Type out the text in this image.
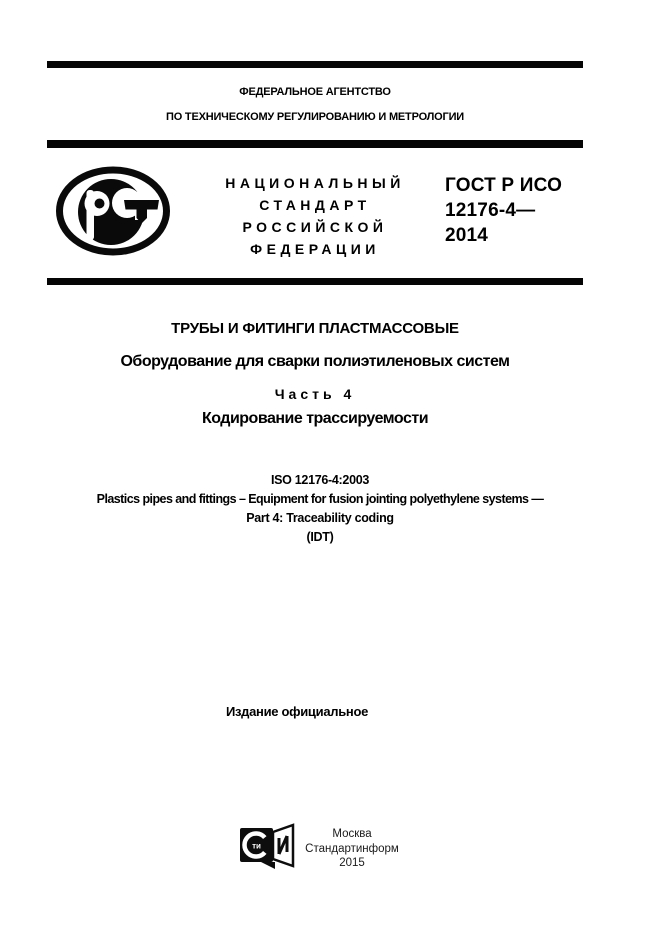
ФЕДЕРАЛЬНОЕ АГЕНТСТВО
ПО ТЕХНИЧЕСКОМУ РЕГУЛИРОВАНИЮ И МЕТРОЛОГИИ
НАЦИОНАЛЬНЫЙ
СТАНДАРТ
РОССИЙСКОЙ
ФЕДЕРАЦИИ
ГОСТ Р ИСО
12176-4—
2014
ТРУБЫ И ФИТИНГИ ПЛАСТМАССОВЫЕ
Оборудование для сварки полиэтиленовых систем
Часть 4
Кодирование трассируемости
ISO 12176-4:2003
Plastics pipes and fittings – Equipment for fusion jointing polyethylene systems —
Part 4: Traceability coding
(IDT)
Издание официальное
ти
Москва
Стандартинформ
2015
